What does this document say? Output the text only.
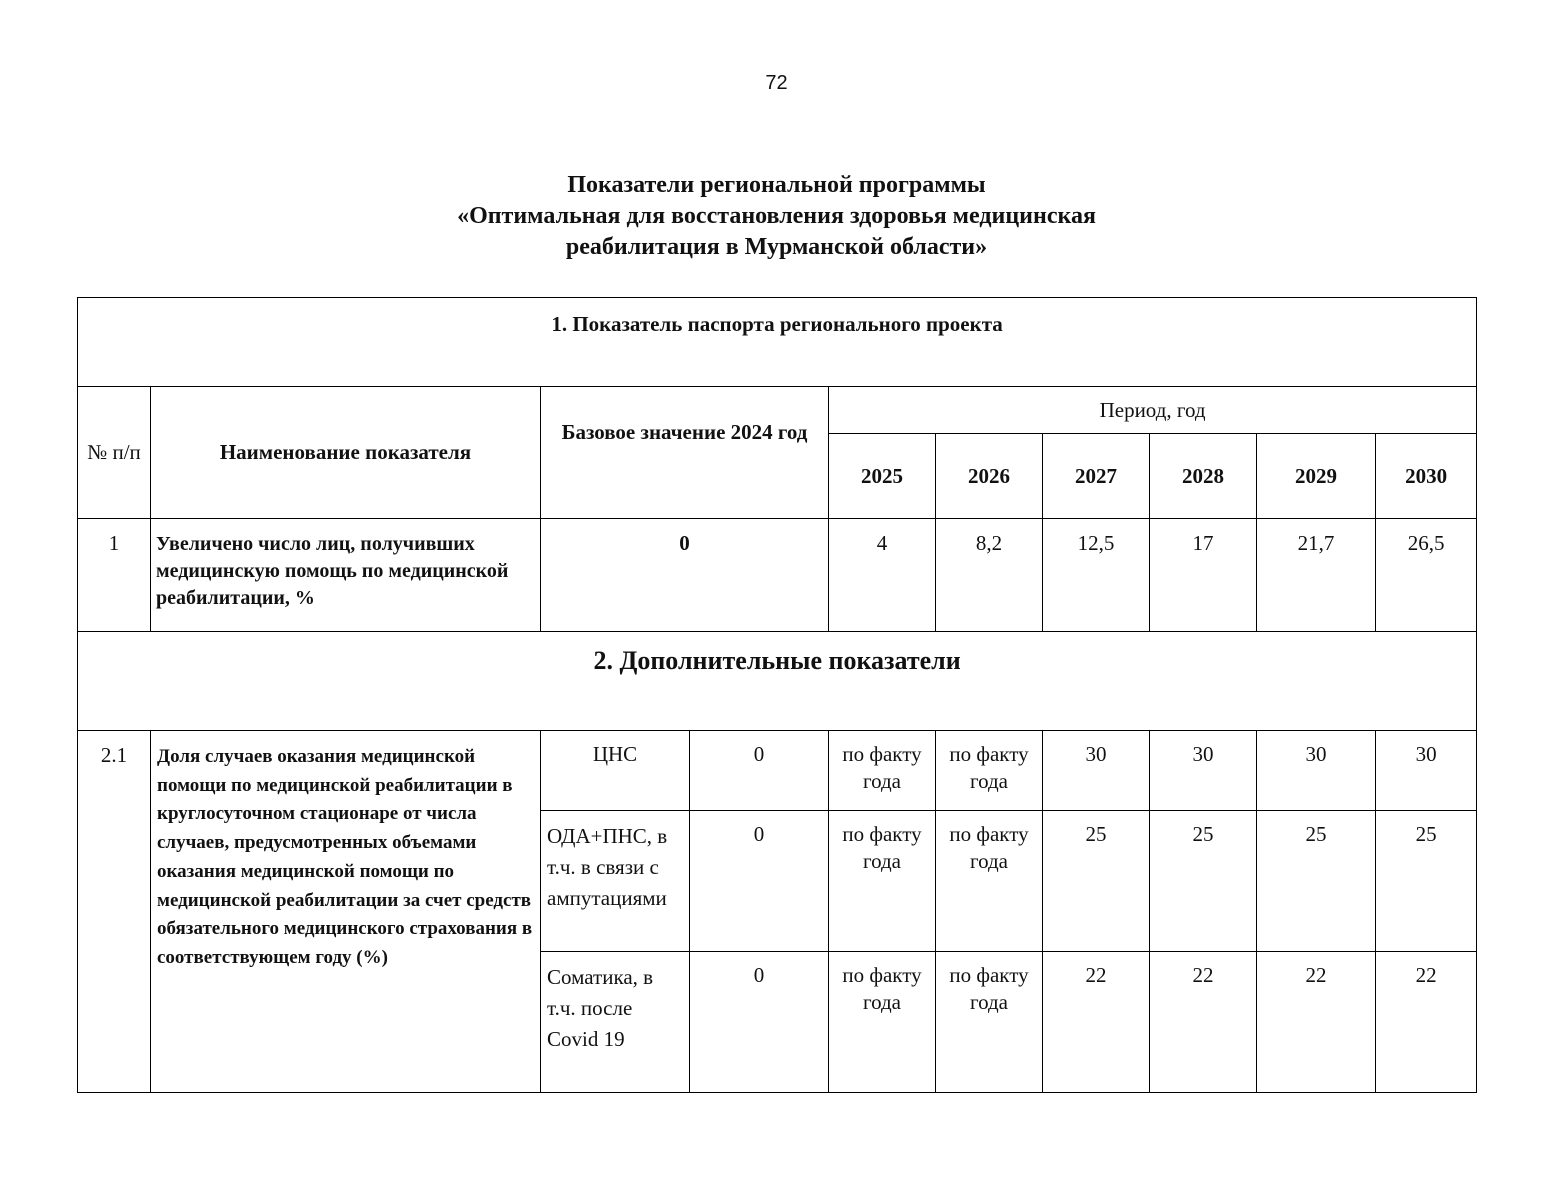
72
Показатели региональной программы
«Оптимальная для восстановления здоровья медицинская
реабилитация в Мурманской области»
1. Показатель паспорта регионального проекта									
№ п/п	Наименование показателя	Базовое значение 2024 год		Период, год					
				2025	2026	2027	2028	2029	2030
1	Увеличено число лиц, получивших медицинскую помощь по медицинской реабилитации, %	0		4	8,2	12,5	17	21,7	26,5
2. Дополнительные показатели									
2.1	Доля случаев оказания медицинской помощи по медицинской реабилитации в круглосуточном стационаре от числа случаев, предусмотренных объемами оказания медицинской помощи по медицинской реабилитации за счет средств обязательного медицинского страхования в соответствующем году (%)	ЦНС	0	по факту года	по факту года	30	30	30	30
		ОДА+ПНС, в т.ч. в связи с ампутациями	0	по факту года	по факту года	25	25	25	25
		Соматика, в т.ч. после Covid 19	0	по факту года	по факту года	22	22	22	22
